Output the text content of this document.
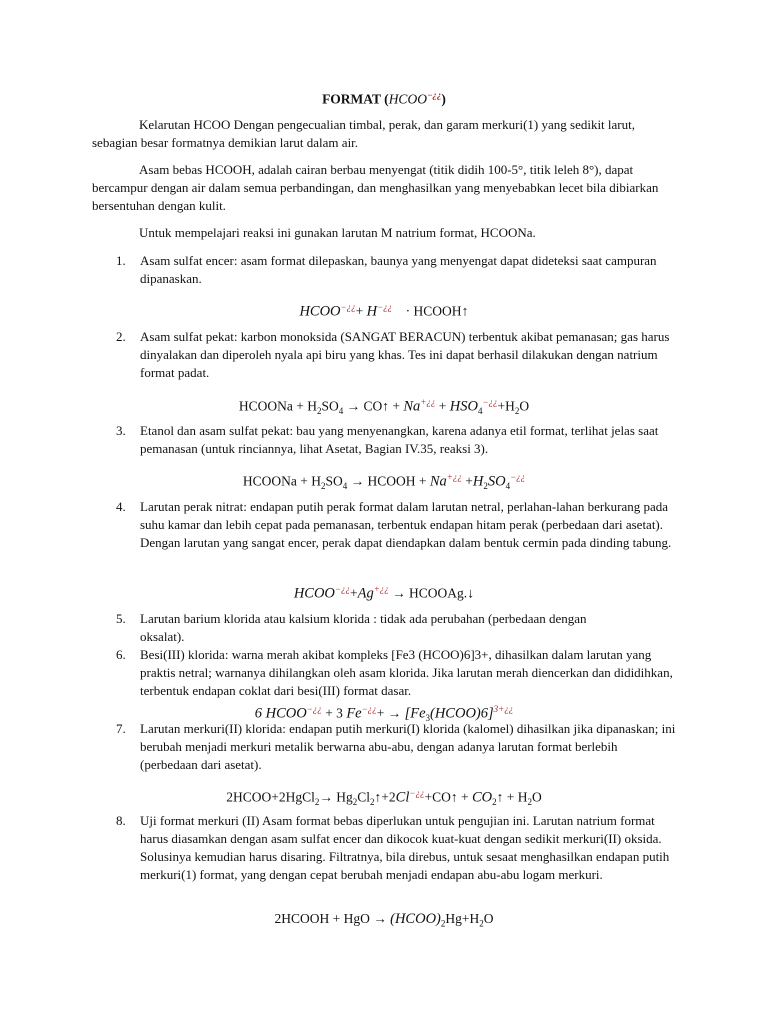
FORMAT (HCOO−¿¿)
Kelarutan HCOO Dengan pengecualian timbal, perak, dan garam merkuri(1) yang sedikit larut, sebagian besar formatnya demikian larut dalam air.
Asam bebas HCOOH, adalah cairan berbau menyengat (titik didih 100-5°, titik leleh 8°), dapat bercampur dengan air dalam semua perbandingan, dan menghasilkan yang menyebabkan lecet bila dibiarkan bersentuhan dengan kulit.
Untuk mempelajari reaksi ini gunakan larutan M natrium format, HCOONa.
1. Asam sulfat encer: asam format dilepaskan, baunya yang menyengat dapat dideteksi saat campuran dipanaskan.
HCOO−¿¿+ H−¿¿ · HCOOH↑
2. Asam sulfat pekat: karbon monoksida (SANGAT BERACUN) terbentuk akibat pemanasan; gas harus dinyalakan dan diperoleh nyala api biru yang khas. Tes ini dapat berhasil dilakukan dengan natrium format padat.
HCOONa + $H_2SO_4$ → CO↑ + $Na^{+¿¿} + HSO_4^{-¿¿}+H_2O$
3. Etanol dan asam sulfat pekat: bau yang menyenangkan, karena adanya etil format, terlihat jelas saat pemanasan (untuk rinciannya, lihat Asetat, Bagian IV.35, reaksi 3).
HCOONa + $H_2SO_4$ → HCOOH + $Na^{+¿¿} +H_2SO_4^{-¿¿}$
4. Larutan perak nitrat: endapan putih perak format dalam larutan netral, perlahan-lahan berkurang pada suhu kamar dan lebih cepat pada pemanasan, terbentuk endapan hitam perak (perbedaan dari asetat). Dengan larutan yang sangat encer, perak dapat diendapkan dalam bentuk cermin pada dinding tabung.
HCOO−¿¿+Ag+¿¿ → HCOOAg.↓
5. Larutan barium klorida atau kalsium klorida : tidak ada perubahan (perbedaan dengan oksalat).
6. Besi(III) klorida: warna merah akibat kompleks [Fe3 (HCOO)6]3+, dihasilkan dalam larutan yang praktis netral; warnanya dihilangkan oleh asam klorida. Jika larutan merah diencerkan dan dididihkan, terbentuk endapan coklat dari besi(III) format dasar.
6 HCOO−¿¿ + 3 $Fe^{-¿¿}+ \to [Fe_3(HCOO)6]^{3+¿¿}$
7. Larutan merkuri(II) klorida: endapan putih merkuri(I) klorida (kalomel) dihasilkan jika dipanaskan; ini berubah menjadi merkuri metalik berwarna abu-abu, dengan adanya larutan format berlebih (perbedaan dari asetat).
2HCOO+2HgCl$_2$→ $Hg_2Cl_2↑+2Cl^{-¿¿}+CO↑$ + $CO_2↑ + H_2O$
8. Uji format merkuri (II) Asam format bebas diperlukan untuk pengujian ini. Larutan natrium format harus diasamkan dengan asam sulfat encer dan dikocok kuat-kuat dengan sedikit merkuri(II) oksida. Solusinya kemudian harus disaring. Filtratnya, bila direbus, untuk sesaat menghasilkan endapan putih merkuri(1) format, yang dengan cepat berubah menjadi endapan abu-abu logam merkuri.
2HCOOH + HgO → $(HCOO)_2Hg+H_2O$
